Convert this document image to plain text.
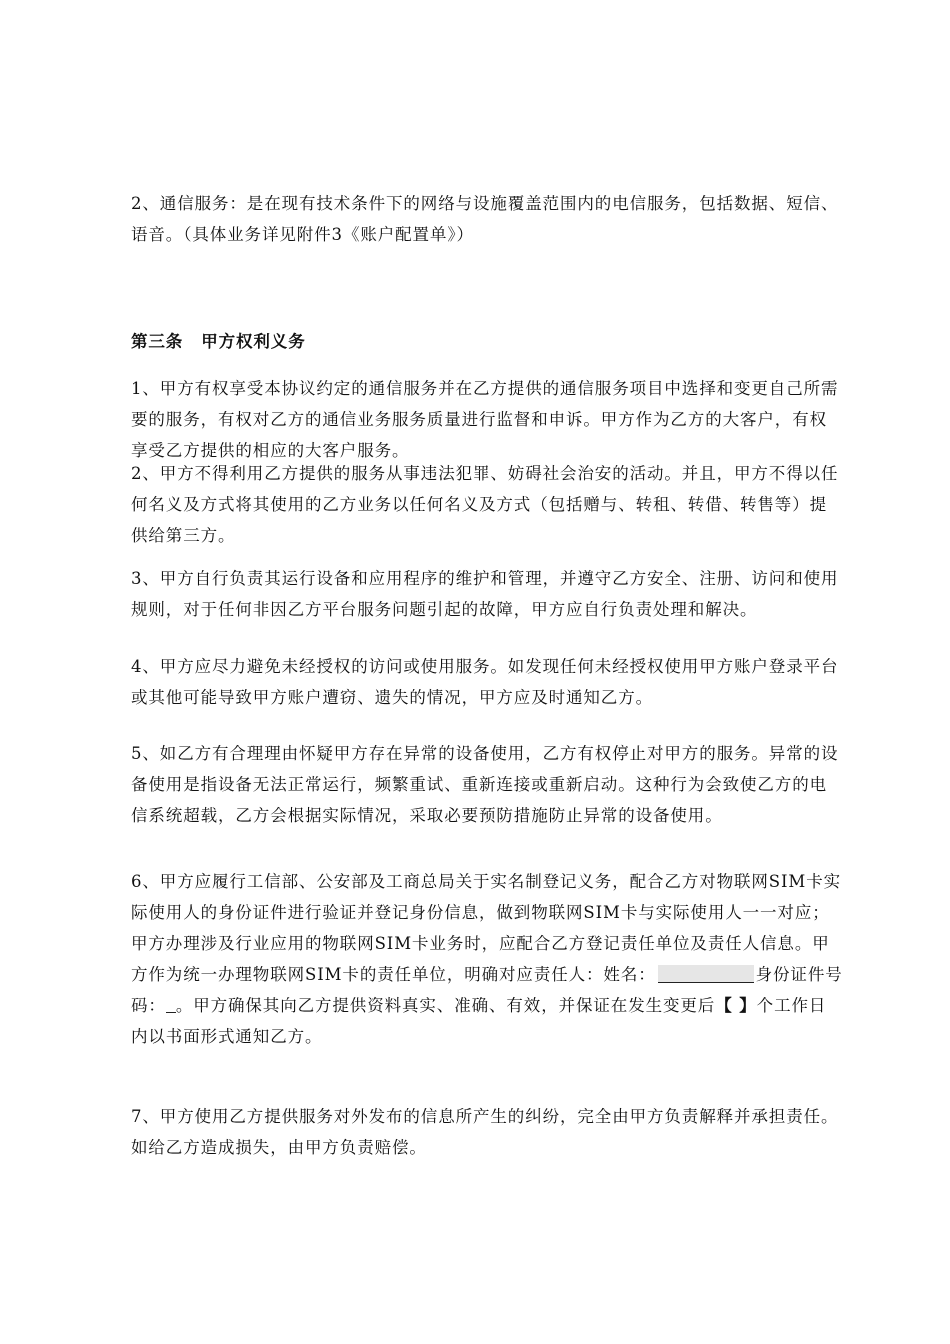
2、通信服务：是在现有技术条件下的网络与设施覆盖范围内的电信服务，包括数据、短信、语音。（具体业务详见附件3《账户配置单》）

第三条 甲方权利义务

1、甲方有权享受本协议约定的通信服务并在乙方提供的通信服务项目中选择和变更自己所需要的服务，有权对乙方的通信业务服务质量进行监督和申诉。甲方作为乙方的大客户，有权享受乙方提供的相应的大客户服务。

2、甲方不得利用乙方提供的服务从事违法犯罪、妨碍社会治安的活动。并且，甲方不得以任何名义及方式将其使用的乙方业务以任何名义及方式（包括赠与、转租、转借、转售等）提供给第三方。

3、甲方自行负责其运行设备和应用程序的维护和管理，并遵守乙方安全、注册、访问和使用规则，对于任何非因乙方平台服务问题引起的故障，甲方应自行负责处理和解决。

4、甲方应尽力避免未经授权的访问或使用服务。如发现任何未经授权使用甲方账户登录平台或其他可能导致甲方账户遭窃、遗失的情况，甲方应及时通知乙方。

5、如乙方有合理理由怀疑甲方存在异常的设备使用，乙方有权停止对甲方的服务。异常的设备使用是指设备无法正常运行，频繁重试、重新连接或重新启动。这种行为会致使乙方的电信系统超载，乙方会根据实际情况，采取必要预防措施防止异常的设备使用。

6、甲方应履行工信部、公安部及工商总局关于实名制登记义务，配合乙方对物联网SIM卡实际使用人的身份证件进行验证并登记身份信息，做到物联网SIM卡与实际使用人一一对应；甲方办理涉及行业应用的物联网SIM卡业务时，应配合乙方登记责任单位及责任人信息。甲方作为统一办理物联网SIM卡的责任单位，明确对应责任人：姓名：	身份证件号码： 。甲方确保其向乙方提供资料真实、准确、有效，并保证在发生变更后【 】个工作日内以书面形式通知乙方。

7、甲方使用乙方提供服务对外发布的信息所产生的纠纷，完全由甲方负责解释并承担责任。如给乙方造成损失，由甲方负责赔偿。
